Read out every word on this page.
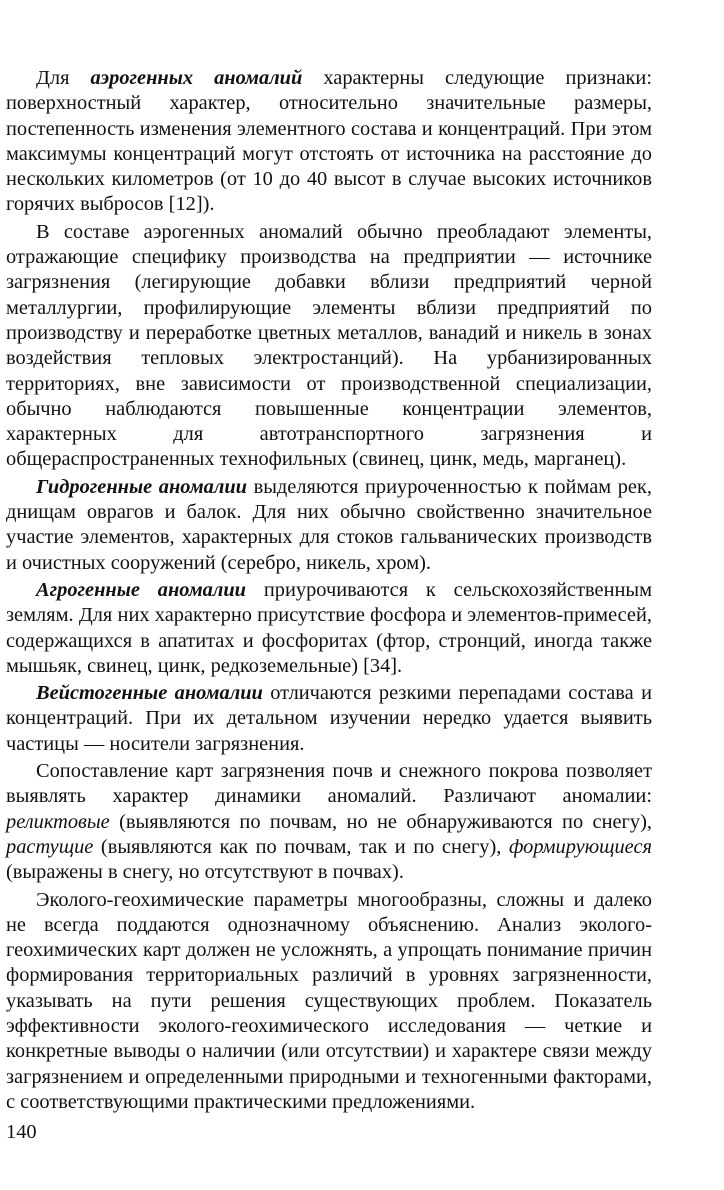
Для аэрогенных аномалий характерны следующие признаки: поверхностный характер, относительно значительные размеры, постепенность изменения элементного состава и концентраций. При этом максимумы концентраций могут отстоять от источника на расстояние до нескольких километров (от 10 до 40 высот в случае высоких источников горячих выбросов [12]).

В составе аэрогенных аномалий обычно преобладают элементы, отражающие специфику производства на предприятии — источнике загрязнения (легирующие добавки вблизи предприятий черной металлургии, профилирующие элементы вблизи предприятий по производству и переработке цветных металлов, ванадий и никель в зонах воздействия тепловых электростанций). На урбанизированных территориях, вне зависимости от производственной специализации, обычно наблюдаются повышенные концентрации элементов, характерных для автотранспортного загрязнения и общераспространенных технофильных (свинец, цинк, медь, марганец).

Гидрогенные аномалии выделяются приуроченностью к поймам рек, днищам оврагов и балок. Для них обычно свойственно значительное участие элементов, характерных для стоков гальванических производств и очистных сооружений (серебро, никель, хром).

Агрогенные аномалии приурочиваются к сельскохозяйственным землям. Для них характерно присутствие фосфора и элементов-примесей, содержащихся в апатитах и фосфоритах (фтор, стронций, иногда также мышьяк, свинец, цинк, редкоземельные) [34].

Вейстогенные аномалии отличаются резкими перепадами состава и концентраций. При их детальном изучении нередко удается выявить частицы — носители загрязнения.

Сопоставление карт загрязнения почв и снежного покрова позволяет выявлять характер динамики аномалий. Различают аномалии: реликтовые (выявляются по почвам, но не обнаруживаются по снегу), растущие (выявляются как по почвам, так и по снегу), формирующиеся (выражены в снегу, но отсутствуют в почвах).

Эколого-геохимические параметры многообразны, сложны и далеко не всегда поддаются однозначному объяснению. Анализ эколого-геохимических карт должен не усложнять, а упрощать понимание причин формирования территориальных различий в уровнях загрязненности, указывать на пути решения существующих проблем. Показатель эффективности эколого-геохимического исследования — четкие и конкретные выводы о наличии (или отсутствии) и характере связи между загрязнением и определенными природными и техногенными факторами, с соответствующими практическими предложениями.

140
